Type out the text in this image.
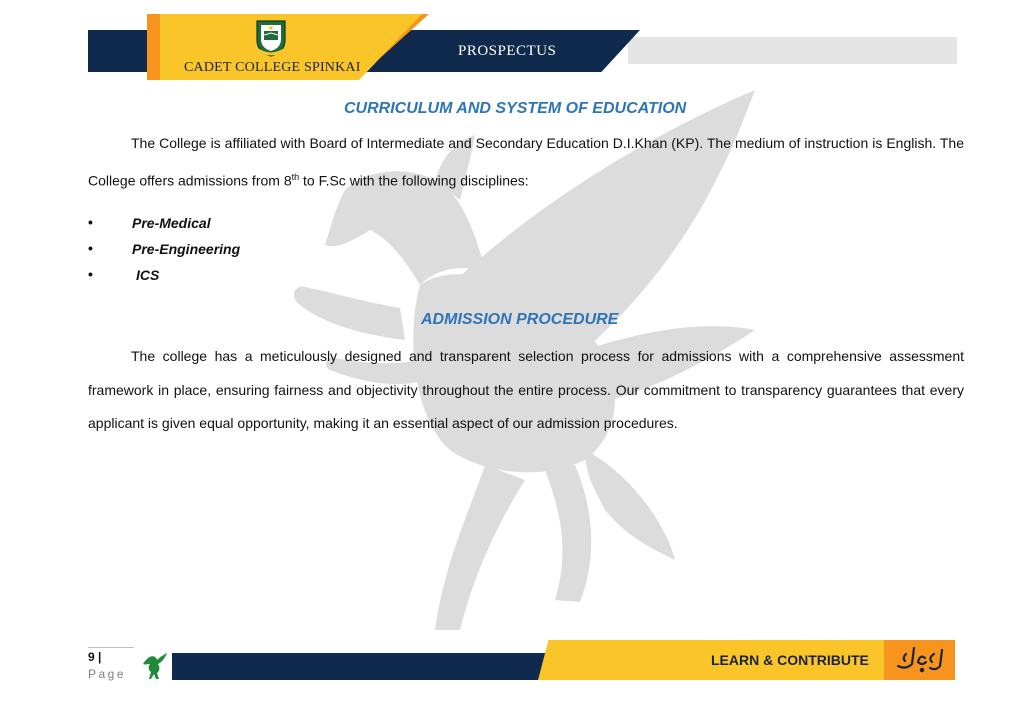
CADET COLLEGE SPINKAI
PROSPECTUS
CURRICULUM AND SYSTEM OF EDUCATION
The College is affiliated with Board of Intermediate and Secondary Education D.I.Khan (KP). The medium of instruction is English. The College offers admissions from 8th to F.Sc with the following disciplines:
•	Pre-Medical
•	Pre-Engineering
•	ICS
ADMISSION PROCEDURE
The college has a meticulously designed and transparent selection process for admissions with a comprehensive assessment framework in place, ensuring fairness and objectivity throughout the entire process. Our commitment to transparency guarantees that every applicant is given equal opportunity, making it an essential aspect of our admission procedures.
9 |
Page
LEARN & CONTRIBUTE
